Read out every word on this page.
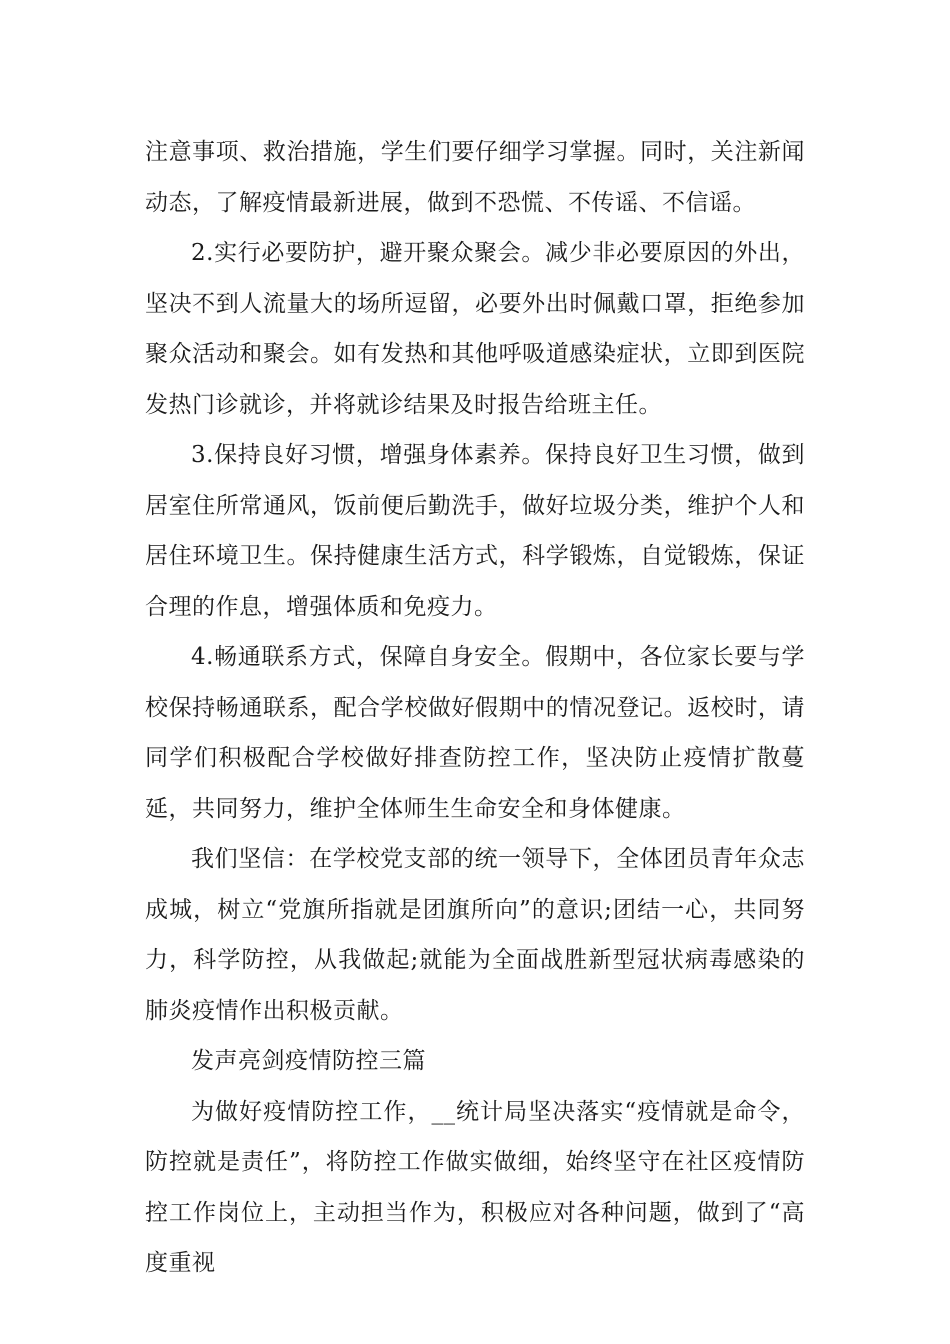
注意事项、救治措施，学生们要仔细学习掌握。同时，关注新闻动态，了解疫情最新进展，做到不恐慌、不传谣、不信谣。

2.实行必要防护，避开聚众聚会。减少非必要原因的外出，坚决不到人流量大的场所逗留，必要外出时佩戴口罩，拒绝参加聚众活动和聚会。如有发热和其他呼吸道感染症状，立即到医院发热门诊就诊，并将就诊结果及时报告给班主任。

3.保持良好习惯，增强身体素养。保持良好卫生习惯，做到居室住所常通风，饭前便后勤洗手，做好垃圾分类，维护个人和居住环境卫生。保持健康生活方式，科学锻炼，自觉锻炼，保证合理的作息，增强体质和免疫力。

4.畅通联系方式，保障自身安全。假期中，各位家长要与学校保持畅通联系，配合学校做好假期中的情况登记。返校时，请同学们积极配合学校做好排查防控工作，坚决防止疫情扩散蔓延，共同努力，维护全体师生生命安全和身体健康。

我们坚信：在学校党支部的统一领导下，全体团员青年众志成城，树立“党旗所指就是团旗所向”的意识;团结一心，共同努力，科学防控，从我做起;就能为全面战胜新型冠状病毒感染的肺炎疫情作出积极贡献。

发声亮剑疫情防控三篇

为做好疫情防控工作，__统计局坚决落实“疫情就是命令，防控就是责任”，将防控工作做实做细，始终坚守在社区疫情防控工作岗位上，主动担当作为，积极应对各种问题，做到了“高度重视
